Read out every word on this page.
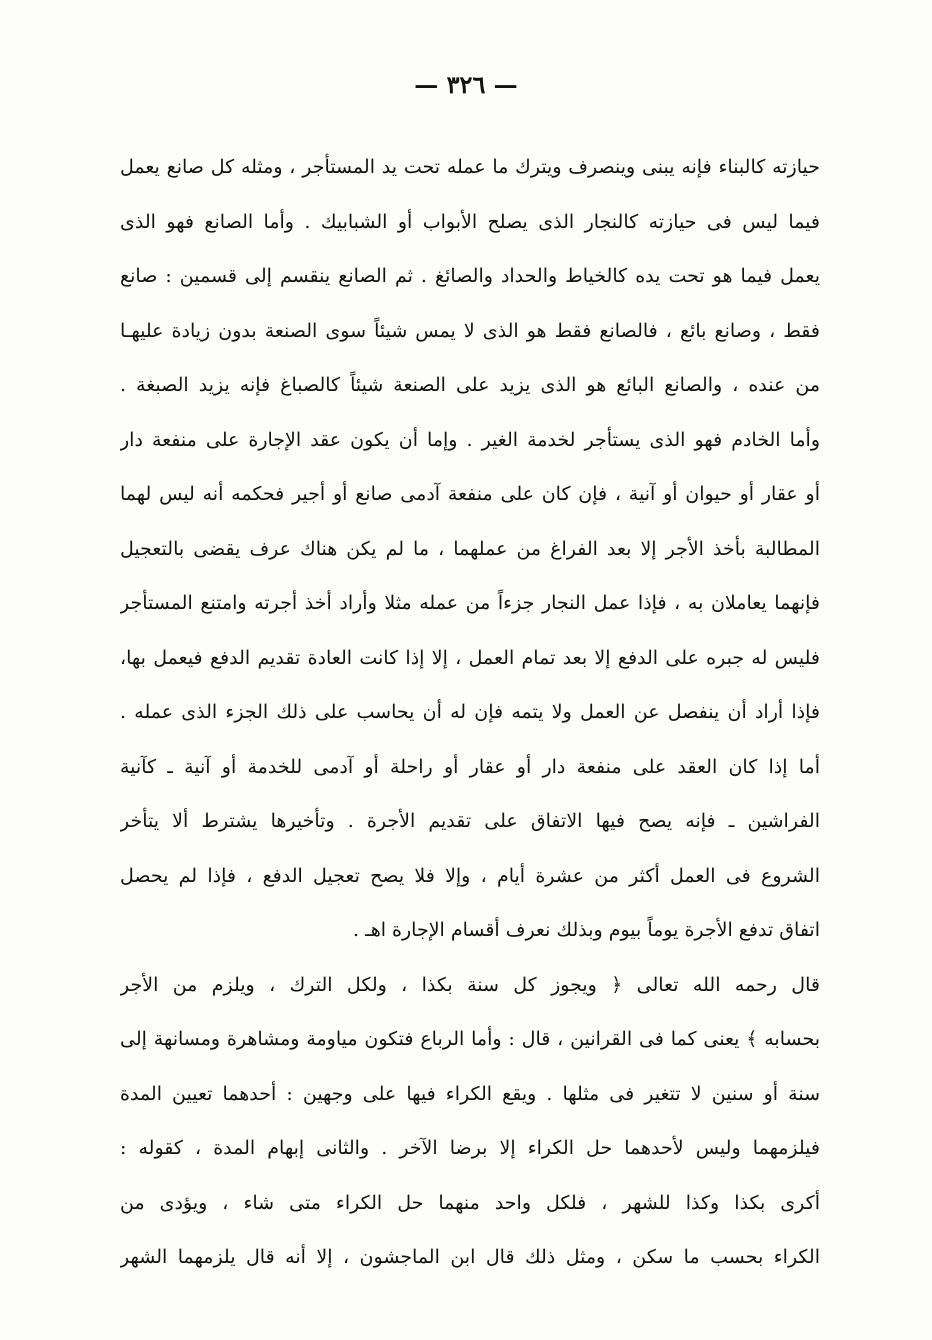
— ٣٢٦ —
حيازته كالبناء فإنه يبنى وينصرف ويترك ما عمله تحت يد المستأجر ، ومثله كل صانع يعمل
فيما ليس فى حيازته كالنجار الذى يصلح الأبواب أو الشبابيك . وأما الصانع فهو الذى
يعمل فيما هو تحت يده كالخياط والحداد والصائغ . ثم الصانع ينقسم إلى قسمين : صانع
فقط ، وصانع بائع ، فالصانع فقط هو الذى لا يمس شيئاً سوى الصنعة بدون زيادة عليهـا
من عنده ، والصانع البائع هو الذى يزيد على الصنعة شيئاً كالصباغ فإنه يزيد الصبغة .
وأما الخادم فهو الذى يستأجر لخدمة الغير . وإما أن يكون عقد الإجارة على منفعة دار
أو عقار أو حيوان أو آنية ، فإن كان على منفعة آدمى صانع أو أجير فحكمه أنه ليس لهما
المطالبة بأخذ الأجر إلا بعد الفراغ من عملهما ، ما لم يكن هناك عرف يقضى بالتعجيل
فإنهما يعاملان به ، فإذا عمل النجار جزءاً من عمله مثلا وأراد أخذ أجرته وامتنع المستأجر
فليس له جبره على الدفع إلا بعد تمام العمل ، إلا إذا كانت العادة تقديم الدفع فيعمل بها،
فإذا أراد أن ينفصل عن العمل ولا يتمه فإن له أن يحاسب على ذلك الجزء الذى عمله .
أما إذا كان العقد على منفعة دار أو عقار أو راحلة أو آدمى للخدمة أو آنية ـ كآنية
الفراشين ـ فإنه يصح فيها الاتفاق على تقديم الأجرة . وتأخيرها يشترط ألا يتأخر
الشروع فى العمل أكثر من عشرة أيام ، وإلا فلا يصح تعجيل الدفع ، فإذا لم يحصل
اتفاق تدفع الأجرة يوماً بيوم وبذلك نعرف أقسام الإجارة اهـ .
قال رحمه الله تعالى ﴿ ويجوز كل سنة بكذا ، ولكل الترك ، ويلزم من الأجر
بحسابه ﴾ يعنى كما فى القرانين ، قال : وأما الرباع فتكون مياومة ومشاهرة ومسانهة إلى
سنة أو سنين لا تتغير فى مثلها . ويقع الكراء فيها على وجهين : أحدهما تعيين المدة
فيلزمهما وليس لأحدهما حل الكراء إلا برضا الآخر . والثانى إبهام المدة ، كقوله :
أكرى بكذا وكذا للشهر ، فلكل واحد منهما حل الكراء متى شاء ، ويؤدى من
الكراء بحسب ما سكن ، ومثل ذلك قال ابن الماجشون ، إلا أنه قال يلزمهما الشهر
